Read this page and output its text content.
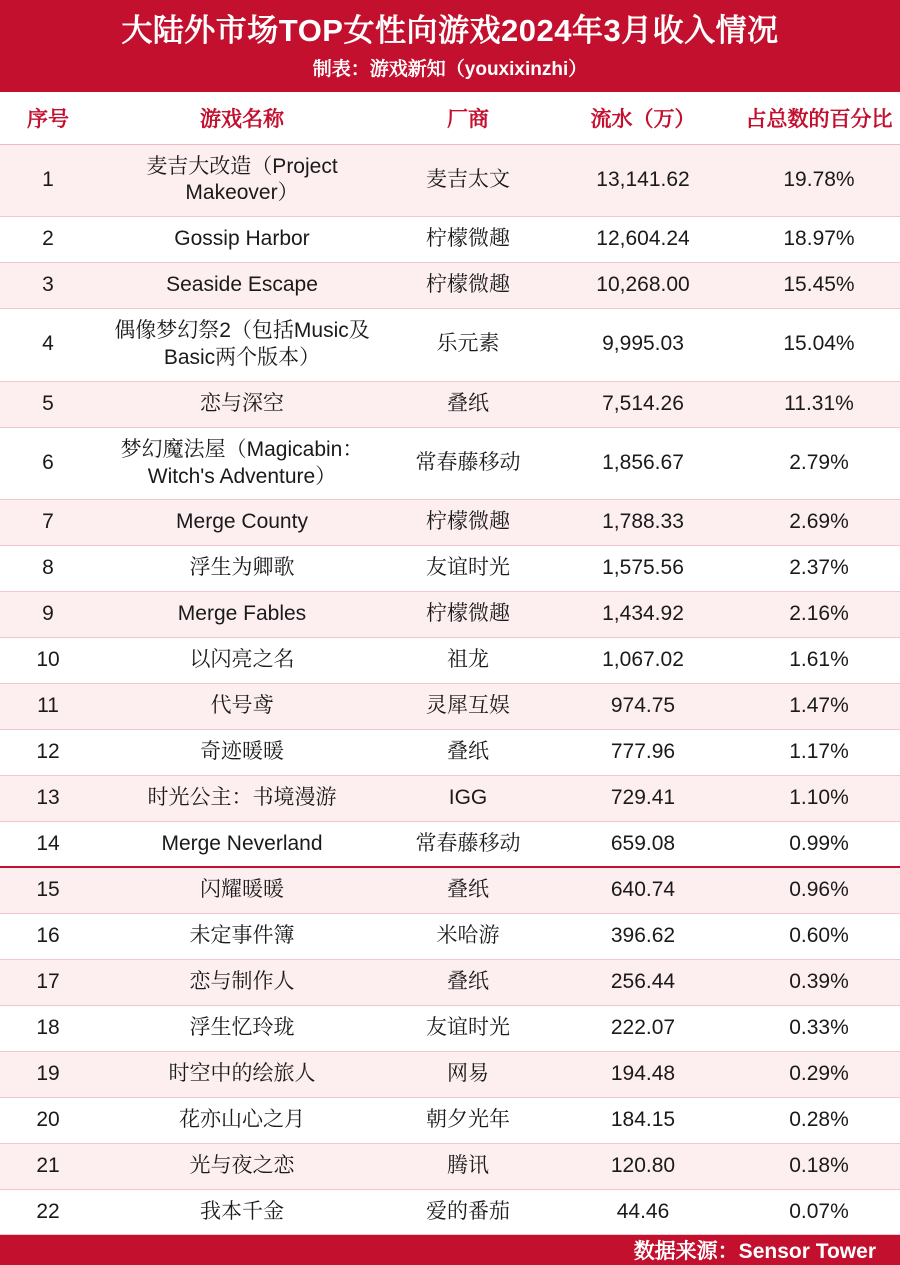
大陆外市场TOP女性向游戏2024年3月收入情况
制表：游戏新知（youxixinzhi）
序号	游戏名称	厂商	流水（万）	占总数的百分比
1	麦吉大改造（Project Makeover）	麦吉太文	13,141.62	19.78%
2	Gossip Harbor	柠檬微趣	12,604.24	18.97%
3	Seaside Escape	柠檬微趣	10,268.00	15.45%
4	偶像梦幻祭2（包括Music及Basic两个版本）	乐元素	9,995.03	15.04%
5	恋与深空	叠纸	7,514.26	11.31%
6	梦幻魔法屋（Magicabin：Witch's Adventure）	常春藤移动	1,856.67	2.79%
7	Merge County	柠檬微趣	1,788.33	2.69%
8	浮生为卿歌	友谊时光	1,575.56	2.37%
9	Merge Fables	柠檬微趣	1,434.92	2.16%
10	以闪亮之名	祖龙	1,067.02	1.61%
11	代号鸢	灵犀互娱	974.75	1.47%
12	奇迹暖暖	叠纸	777.96	1.17%
13	时光公主：书境漫游	IGG	729.41	1.10%
14	Merge Neverland	常春藤移动	659.08	0.99%
15	闪耀暖暖	叠纸	640.74	0.96%
16	未定事件簿	米哈游	396.62	0.60%
17	恋与制作人	叠纸	256.44	0.39%
18	浮生忆玲珑	友谊时光	222.07	0.33%
19	时空中的绘旅人	网易	194.48	0.29%
20	花亦山心之月	朝夕光年	184.15	0.28%
21	光与夜之恋	腾讯	120.80	0.18%
22	我本千金	爱的番茄	44.46	0.07%
数据来源：Sensor Tower
